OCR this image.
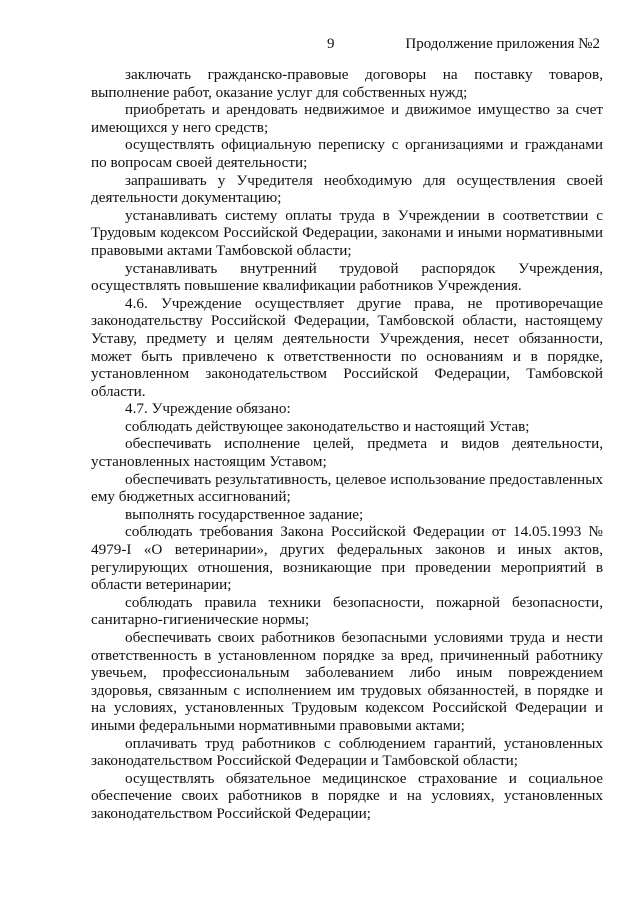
9	Продолжение приложения №2

заключать гражданско-правовые договоры на поставку товаров, выполнение работ, оказание услуг для собственных нужд;

приобретать и арендовать недвижимое и движимое имущество за счет имеющихся у него средств;

осуществлять официальную переписку с организациями и гражданами по вопросам своей деятельности;

запрашивать у Учредителя необходимую для осуществления своей деятельности документацию;

устанавливать систему оплаты труда в Учреждении в соответствии с Трудовым кодексом Российской Федерации, законами и иными нормативными правовыми актами Тамбовской области;

устанавливать внутренний трудовой распорядок Учреждения, осуществлять повышение квалификации работников Учреждения.

4.6. Учреждение осуществляет другие права, не противоречащие законодательству Российской Федерации, Тамбовской области, настоящему Уставу, предмету и целям деятельности Учреждения, несет обязанности, может быть привлечено к ответственности по основаниям и в порядке, установленном законодательством Российской Федерации, Тамбовской области.

4.7. Учреждение обязано:

соблюдать действующее законодательство и настоящий Устав;

обеспечивать исполнение целей, предмета и видов деятельности, установленных настоящим Уставом;

обеспечивать результативность, целевое использование предоставленных ему бюджетных ассигнований;

выполнять государственное задание;

соблюдать требования Закона Российской Федерации от 14.05.1993 № 4979-I «О ветеринарии», других федеральных законов и иных актов, регулирующих отношения, возникающие при проведении мероприятий в области ветеринарии;

соблюдать правила техники безопасности, пожарной безопасности, санитарно-гигиенические нормы;

обеспечивать своих работников безопасными условиями труда и нести ответственность в установленном порядке за вред, причиненный работнику увечьем, профессиональным заболеванием либо иным повреждением здоровья, связанным с исполнением им трудовых обязанностей, в порядке и на условиях, установленных Трудовым кодексом Российской Федерации и иными федеральными нормативными правовыми актами;

оплачивать труд работников с соблюдением гарантий, установленных законодательством Российской Федерации и Тамбовской области;

осуществлять обязательное медицинское страхование и социальное обеспечение своих работников в порядке и на условиях, установленных законодательством Российской Федерации;
